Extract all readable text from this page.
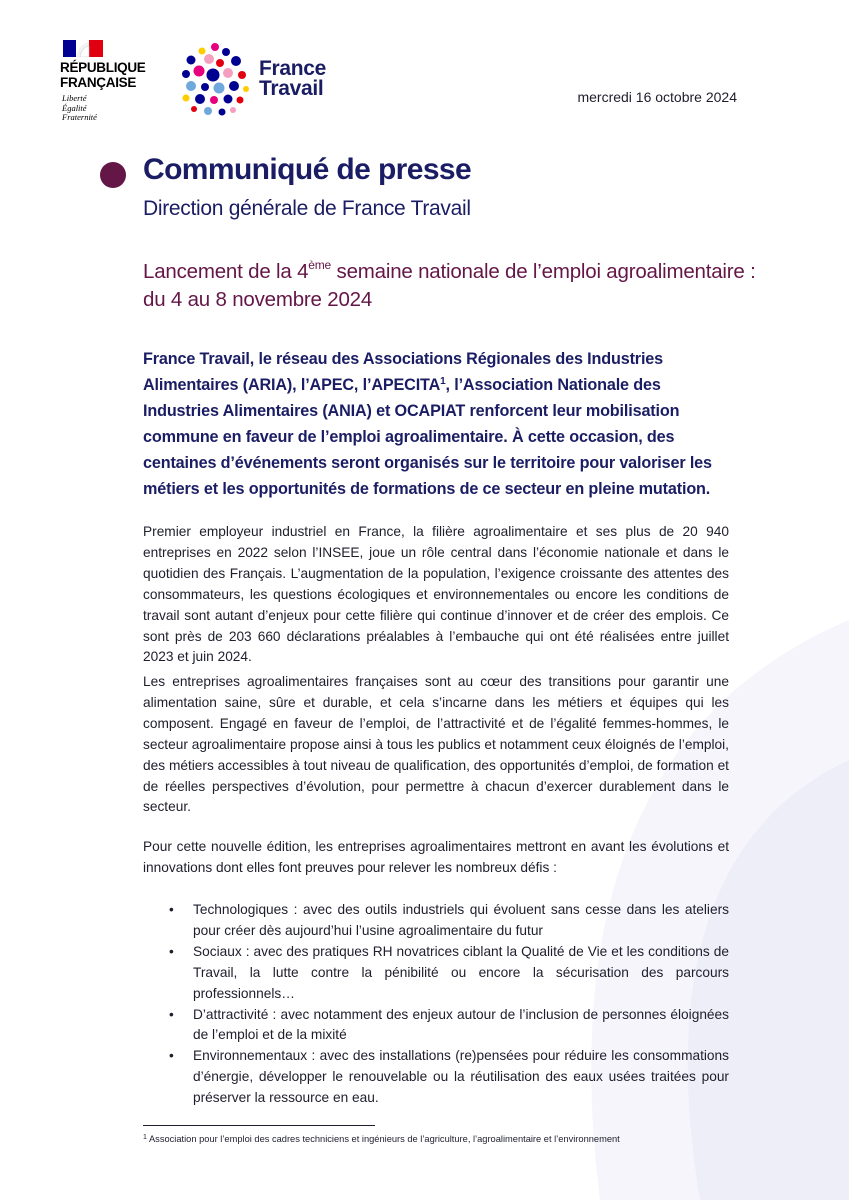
RÉPUBLIQUE
FRANÇAISE
Liberté
Égalité
Fraternité
France
Travail	mercredi 16 octobre 2024
Communiqué de presse
Direction générale de France Travail
Lancement de la 4ème semaine nationale de l’emploi agroalimentaire : du 4 au 8 novembre 2024
France Travail, le réseau des Associations Régionales des Industries Alimentaires (ARIA), l’APEC, l’APECITA$^1$, l’Association Nationale des Industries Alimentaires (ANIA) et OCAPIAT renforcent leur mobilisation commune en faveur de l’emploi agroalimentaire. À cette occasion, des centaines d’événements seront organisés sur le territoire pour valoriser les métiers et les opportunités de formations de ce secteur en pleine mutation.

Premier employeur industriel en France, la filière agroalimentaire et ses plus de 20 940 entreprises en 2022 selon l’INSEE, joue un rôle central dans l’économie nationale et dans le quotidien des Français. L’augmentation de la population, l’exigence croissante des attentes des consommateurs, les questions écologiques et environnementales ou encore les conditions de travail sont autant d’enjeux pour cette filière qui continue d’innover et de créer des emplois. Ce sont près de 203 660 déclarations préalables à l’embauche qui ont été réalisées entre juillet 2023 et juin 2024.

Les entreprises agroalimentaires françaises sont au cœur des transitions pour garantir une alimentation saine, sûre et durable, et cela s’incarne dans les métiers et équipes qui les composent. Engagé en faveur de l’emploi, de l’attractivité et de l’égalité femmes-hommes, le secteur agroalimentaire propose ainsi à tous les publics et notamment ceux éloignés de l’emploi, des métiers accessibles à tout niveau de qualification, des opportunités d’emploi, de formation et de réelles perspectives d’évolution, pour permettre à chacun d’exercer durablement dans le secteur.

Pour cette nouvelle édition, les entreprises agroalimentaires mettront en avant les évolutions et innovations dont elles font preuves pour relever les nombreux défis :

• Technologiques : avec des outils industriels qui évoluent sans cesse dans les ateliers pour créer dès aujourd’hui l’usine agroalimentaire du futur
• Sociaux : avec des pratiques RH novatrices ciblant la Qualité de Vie et les conditions de Travail, la lutte contre la pénibilité ou encore la sécurisation des parcours professionnels…
• D’attractivité : avec notamment des enjeux autour de l’inclusion de personnes éloignées de l’emploi et de la mixité
• Environnementaux : avec des installations (re)pensées pour réduire les consommations d’énergie, développer le renouvelable ou la réutilisation des eaux usées traitées pour préserver la ressource en eau.
$^1$ Association pour l’emploi des cadres techniciens et ingénieurs de l’agriculture, l’agroalimentaire et l’environnement
